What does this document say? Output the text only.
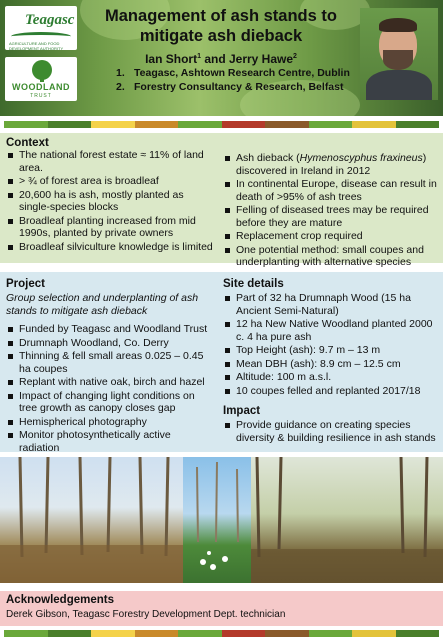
Teagasc
AGRICULTURE AND FOOD DEVELOPMENT AUTHORITY
WOODLAND
TRUST
Management of ash stands to
mitigate ash dieback
Ian Short$^1$ and Jerry Hawe$^2$
1. Teagasc, Ashtown Research Centre, Dublin
2. Forestry Consultancy & Research, Belfast
Context
The national forest estate ≈ 11% of land area.
> ¾ of forest area is broadleaf
20,600 ha is ash, mostly planted as single-species blocks
Broadleaf planting increased from mid 1990s, planted by private owners
Broadleaf silviculture knowledge is limited
Ash dieback (Hymenoscyphus fraxineus) discovered in Ireland in 2012
In continental Europe, disease can result in death of >95% of ash trees
Felling of diseased trees may be required before they are mature
Replacement crop required
One potential method: small coupes and underplanting with alternative species
Project
Group selection and underplanting of ash stands to mitigate ash dieback
Funded by Teagasc and Woodland Trust
Drumnaph Woodland, Co. Derry
Thinning & fell small areas 0.025 – 0.45 ha coupes
Replant with native oak, birch and hazel
Impact of changing light conditions on tree growth as canopy closes gap
Hemispherical photography
Monitor photosynthetically active radiation
Site details
Part of 32 ha Drumnaph Wood (15 ha Ancient Semi-Natural)
12 ha New Native Woodland planted 2000 c. 4 ha pure ash
Top Height (ash): 9.7 m – 13 m
Mean DBH (ash): 8.9 cm – 12.5 cm
Altitude: 100 m a.s.l.
10 coupes felled and replanted 2017/18
Impact
Provide guidance on creating species diversity & building resilience in ash stands
Acknowledgements
Derek Gibson, Teagasc Forestry Development Dept. technician
